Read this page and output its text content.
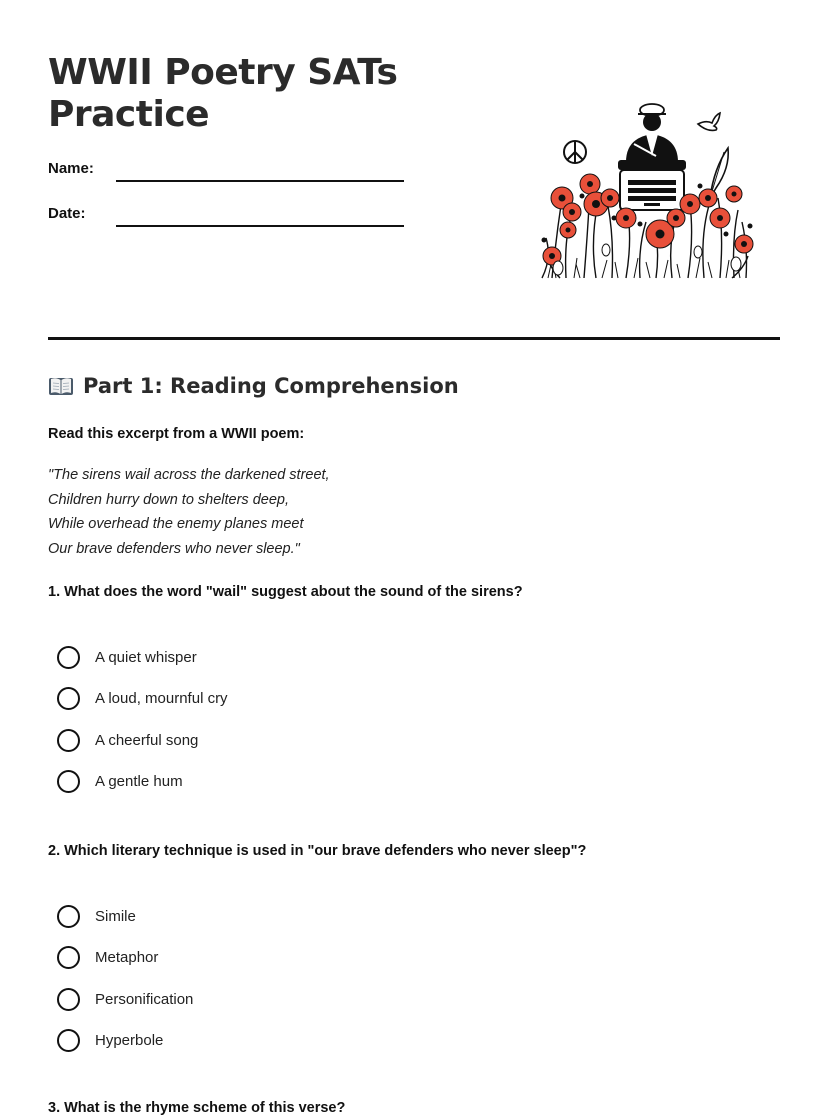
WWII Poetry SATs
Practice
Name:
Date:
Part 1: Reading Comprehension
Read this excerpt from a WWII poem:
"The sirens wail across the darkened street,
Children hurry down to shelters deep,
While overhead the enemy planes meet
Our brave defenders who never sleep."
1. What does the word "wail" suggest about the sound of the sirens?
A quiet whisper
A loud, mournful cry
A cheerful song
A gentle hum
2. Which literary technique is used in "our brave defenders who never sleep"?
Simile
Metaphor
Personification
Hyperbole
3. What is the rhyme scheme of this verse?
